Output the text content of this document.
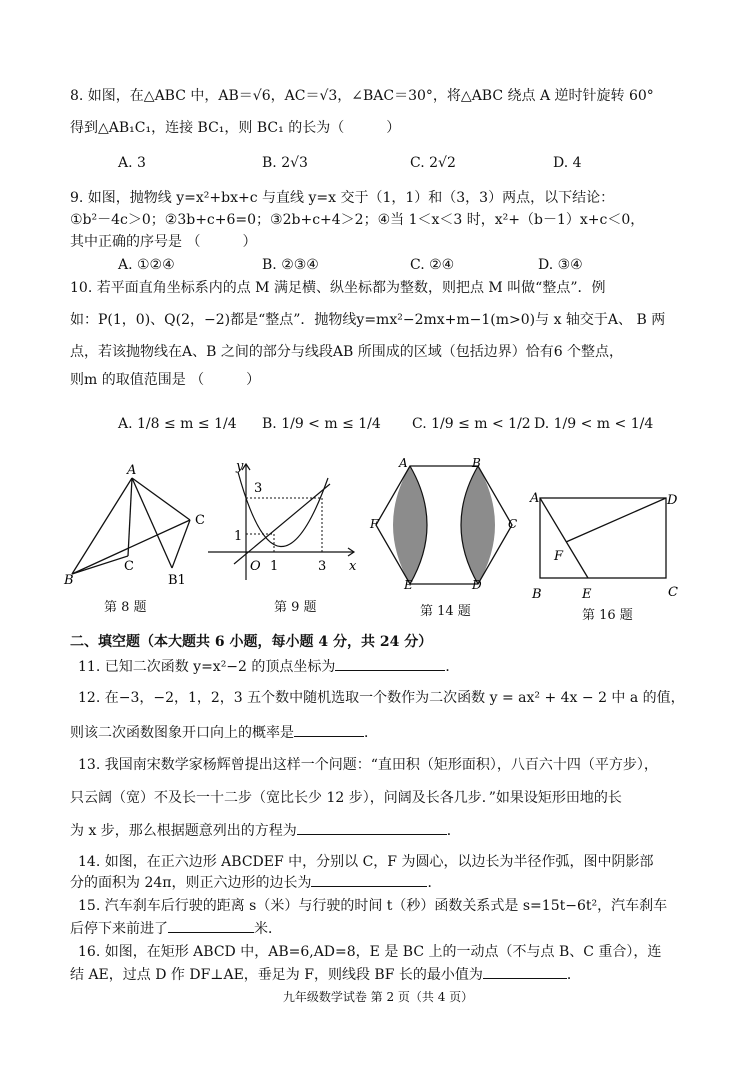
8. 如图，在△ABC 中，AB＝√6，AC＝√3，∠BAC＝30°，将△ABC 绕点 A 逆时针旋转 60°
得到△AB₁C₁，连接 BC₁，则 BC₁ 的长为（　　　）
A. 3	B. 2√3	C. 2√2	D. 4
9. 如图，抛物线 y=x²+bx+c 与直线 y=x 交于（1，1）和（3，3）两点，以下结论：
①b²－4c＞0；②3b+c+6=0；③2b+c+4＞2；④当 1＜x＜3 时，x²+（b－1）x+c＜0，
其中正确的序号是 （　　　）
A. ①②④	B. ②③④	C. ②④	D. ③④
10. 若平面直角坐标系内的点 M 满足横、纵坐标都为整数，则把点 M 叫做“整点”．例
如：P(1，0)、Q(2，−2)都是“整点”．抛物线y=mx²−2mx+m−1(m>0)与 x 轴交于A、 B 两
点，若该抛物线在A、B 之间的部分与线段AB 所围成的区域（包括边界）恰有6 个整点，
则m 的取值范围是 （　　　）
A. 1/8 ≤ m ≤ 1/4 B. 1/9 < m ≤ 1/4 C. 1/9 ≤ m < 1/2 D. 1/9 < m < 1/4
A
B
C
C
B1
第 8 题
y
x
O 1
1
3
3
第 9 题
A	B
C
D
E
F
第 14 题
A	D
F
B	E	C
第 16 题
二、填空题（本大题共 6 小题，每小题 4 分，共 24 分）
11. 已知二次函数 y=x²−2 的顶点坐标为	．
12. 在−3，−2，1，2，3 五个数中随机选取一个数作为二次函数 y = ax² + 4x − 2 中 a 的值，
则该二次函数图象开口向上的概率是	．
13. 我国南宋数学家杨辉曾提出这样一个问题：“直田积（矩形面积），八百六十四（平方步），
只云阔（宽）不及长一十二步（宽比长少 12 步），问阔及长各几步．”如果设矩形田地的长
为 x 步，那么根据题意列出的方程为	．
14. 如图，在正六边形 ABCDEF 中，分别以 C，F 为圆心，以边长为半径作弧，图中阴影部
分的面积为 24π，则正六边形的边长为	．
15. 汽车刹车后行驶的距离 s（米）与行驶的时间 t（秒）函数关系式是 s=15t−6t²，汽车刹车
后停下来前进了	米．
16. 如图，在矩形 ABCD 中，AB=6,AD=8，E 是 BC 上的一动点（不与点 B、C 重合），连
结 AE，过点 D 作 DF⊥AE，垂足为 F，则线段 BF 长的最小值为	．
九年级数学试卷 第 2 页（共 4 页）
